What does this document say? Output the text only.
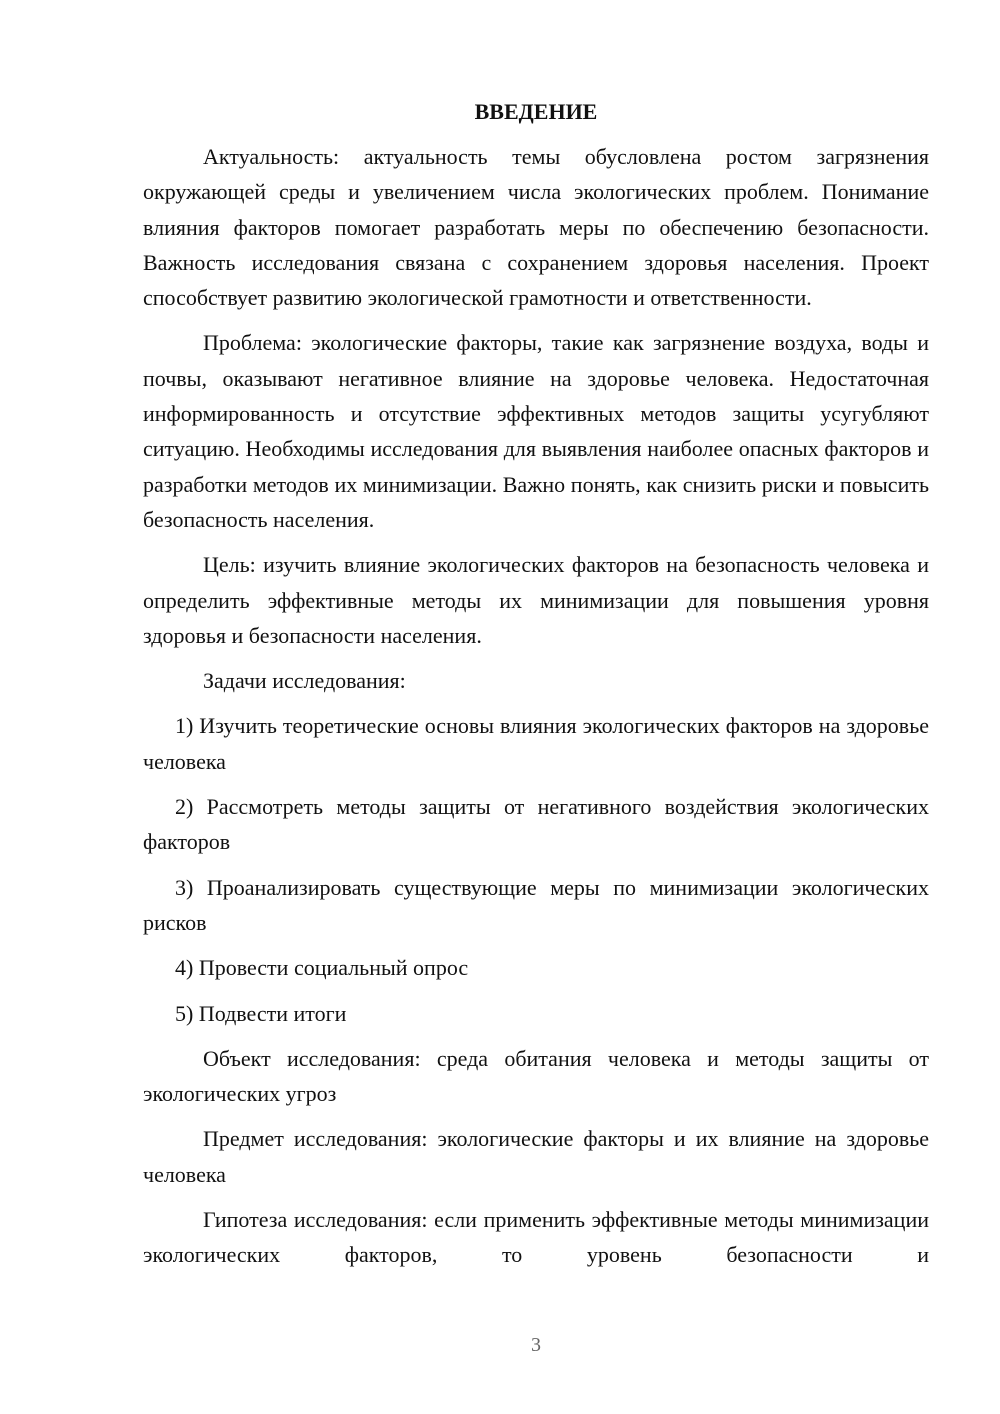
ВВЕДЕНИЕ

Актуальность: актуальность темы обусловлена ростом загрязнения окружающей среды и увеличением числа экологических проблем. Понимание влияния факторов помогает разработать меры по обеспечению безопасности. Важность исследования связана с сохранением здоровья населения. Проект способствует развитию экологической грамотности и ответственности.

Проблема: экологические факторы, такие как загрязнение воздуха, воды и почвы, оказывают негативное влияние на здоровье человека. Недостаточная информированность и отсутствие эффективных методов защиты усугубляют ситуацию. Необходимы исследования для выявления наиболее опасных факторов и разработки методов их минимизации. Важно понять, как снизить риски и повысить безопасность населения.

Цель: изучить влияние экологических факторов на безопасность человека и определить эффективные методы их минимизации для повышения уровня здоровья и безопасности населения.

Задачи исследования:

1) Изучить теоретические основы влияния экологических факторов на здоровье человека

2) Рассмотреть методы защиты от негативного воздействия экологических факторов

3) Проанализировать существующие меры по минимизации экологических рисков

4) Провести социальный опрос

5) Подвести итоги

Объект исследования: среда обитания человека и методы защиты от экологических угроз

Предмет исследования: экологические факторы и их влияние на здоровье человека

Гипотеза исследования: если применить эффективные методы минимизации экологических факторов, то уровень безопасности и

3
